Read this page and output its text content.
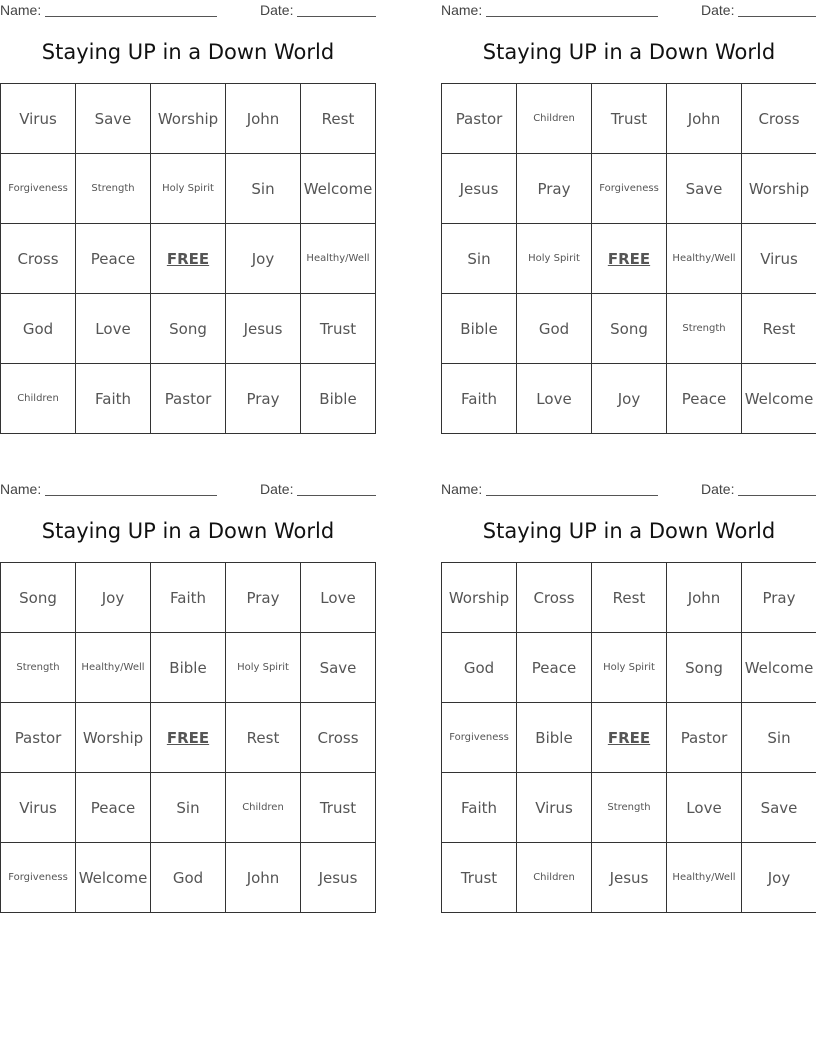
Name:	Date:
Staying UP in a Down World
Virus	Save	Worship	John	Rest
Forgiveness	Strength	Holy Spirit	Sin	Welcome
Cross	Peace	FREE	Joy	Healthy/Well
God	Love	Song	Jesus	Trust
Children	Faith	Pastor	Pray	Bible
Name:	Date:
Staying UP in a Down World
Pastor	Children	Trust	John	Cross
Jesus	Pray	Forgiveness	Save	Worship
Sin	Holy Spirit	FREE	Healthy/Well	Virus
Bible	God	Song	Strength	Rest
Faith	Love	Joy	Peace	Welcome
Name:	Date:
Staying UP in a Down World
Song	Joy	Faith	Pray	Love
Strength	Healthy/Well	Bible	Holy Spirit	Save
Pastor	Worship	FREE	Rest	Cross
Virus	Peace	Sin	Children	Trust
Forgiveness	Welcome	God	John	Jesus
Name:	Date:
Staying UP in a Down World
Worship	Cross	Rest	John	Pray
God	Peace	Holy Spirit	Song	Welcome
Forgiveness	Bible	FREE	Pastor	Sin
Faith	Virus	Strength	Love	Save
Trust	Children	Jesus	Healthy/Well	Joy
